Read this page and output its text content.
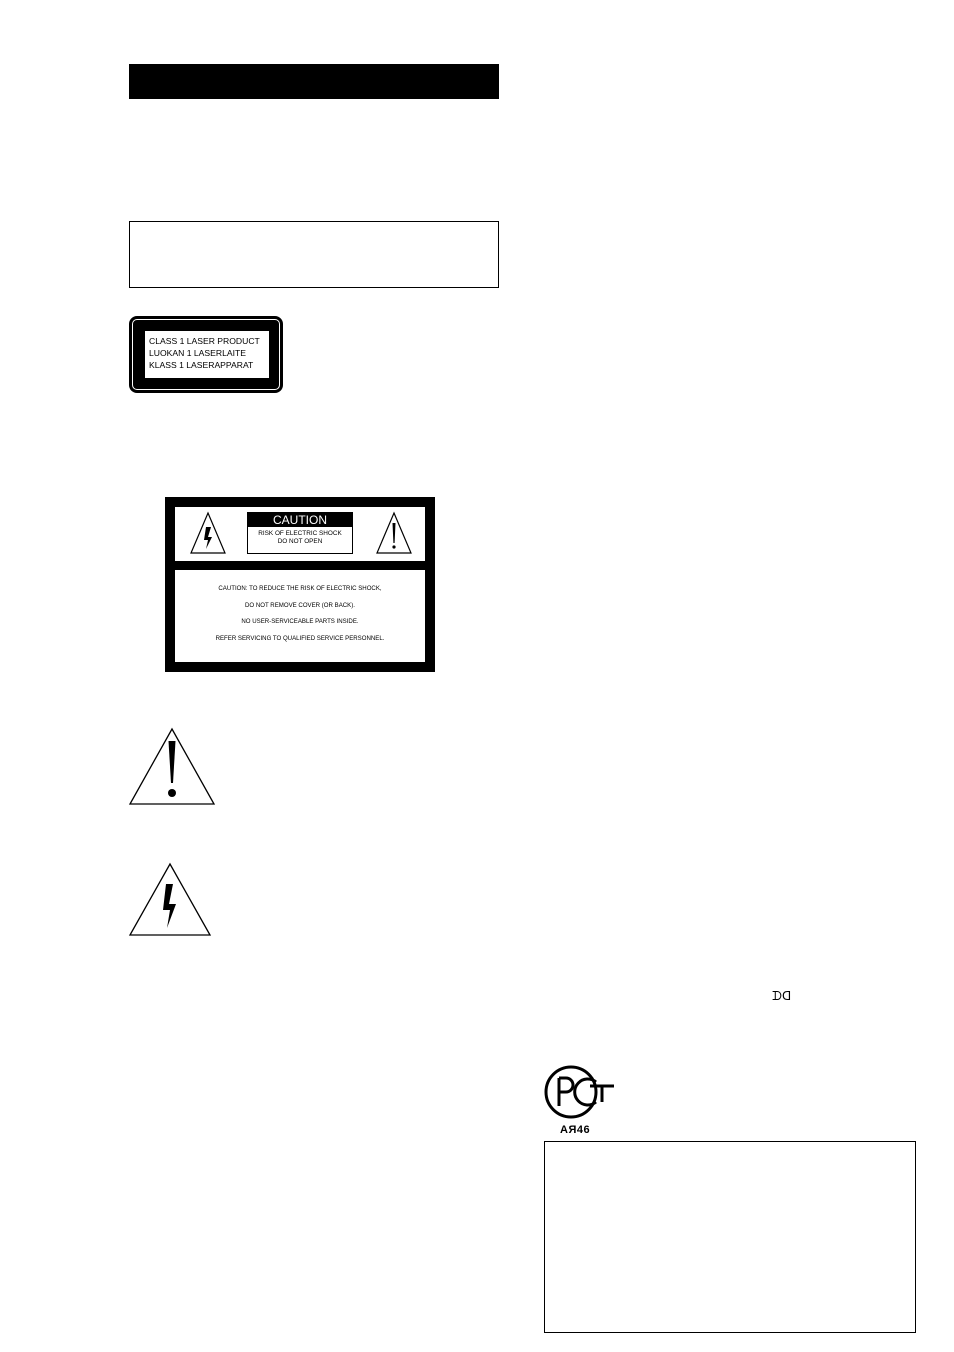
CLASS 1 LASER PRODUCT
LUOKAN 1 LASERLAITE
KLASS 1 LASERAPPARAT
CAUTION
RISK OF ELECTRIC SHOCK
DO NOT OPEN
CAUTION: TO REDUCE THE RISK OF ELECTRIC SHOCK,
DO NOT REMOVE COVER (OR BACK).
NO USER-SERVICEABLE PARTS INSIDE.
REFER SERVICING TO QUALIFIED SERVICE PERSONNEL.
ᗪᗡ
АЯ46
